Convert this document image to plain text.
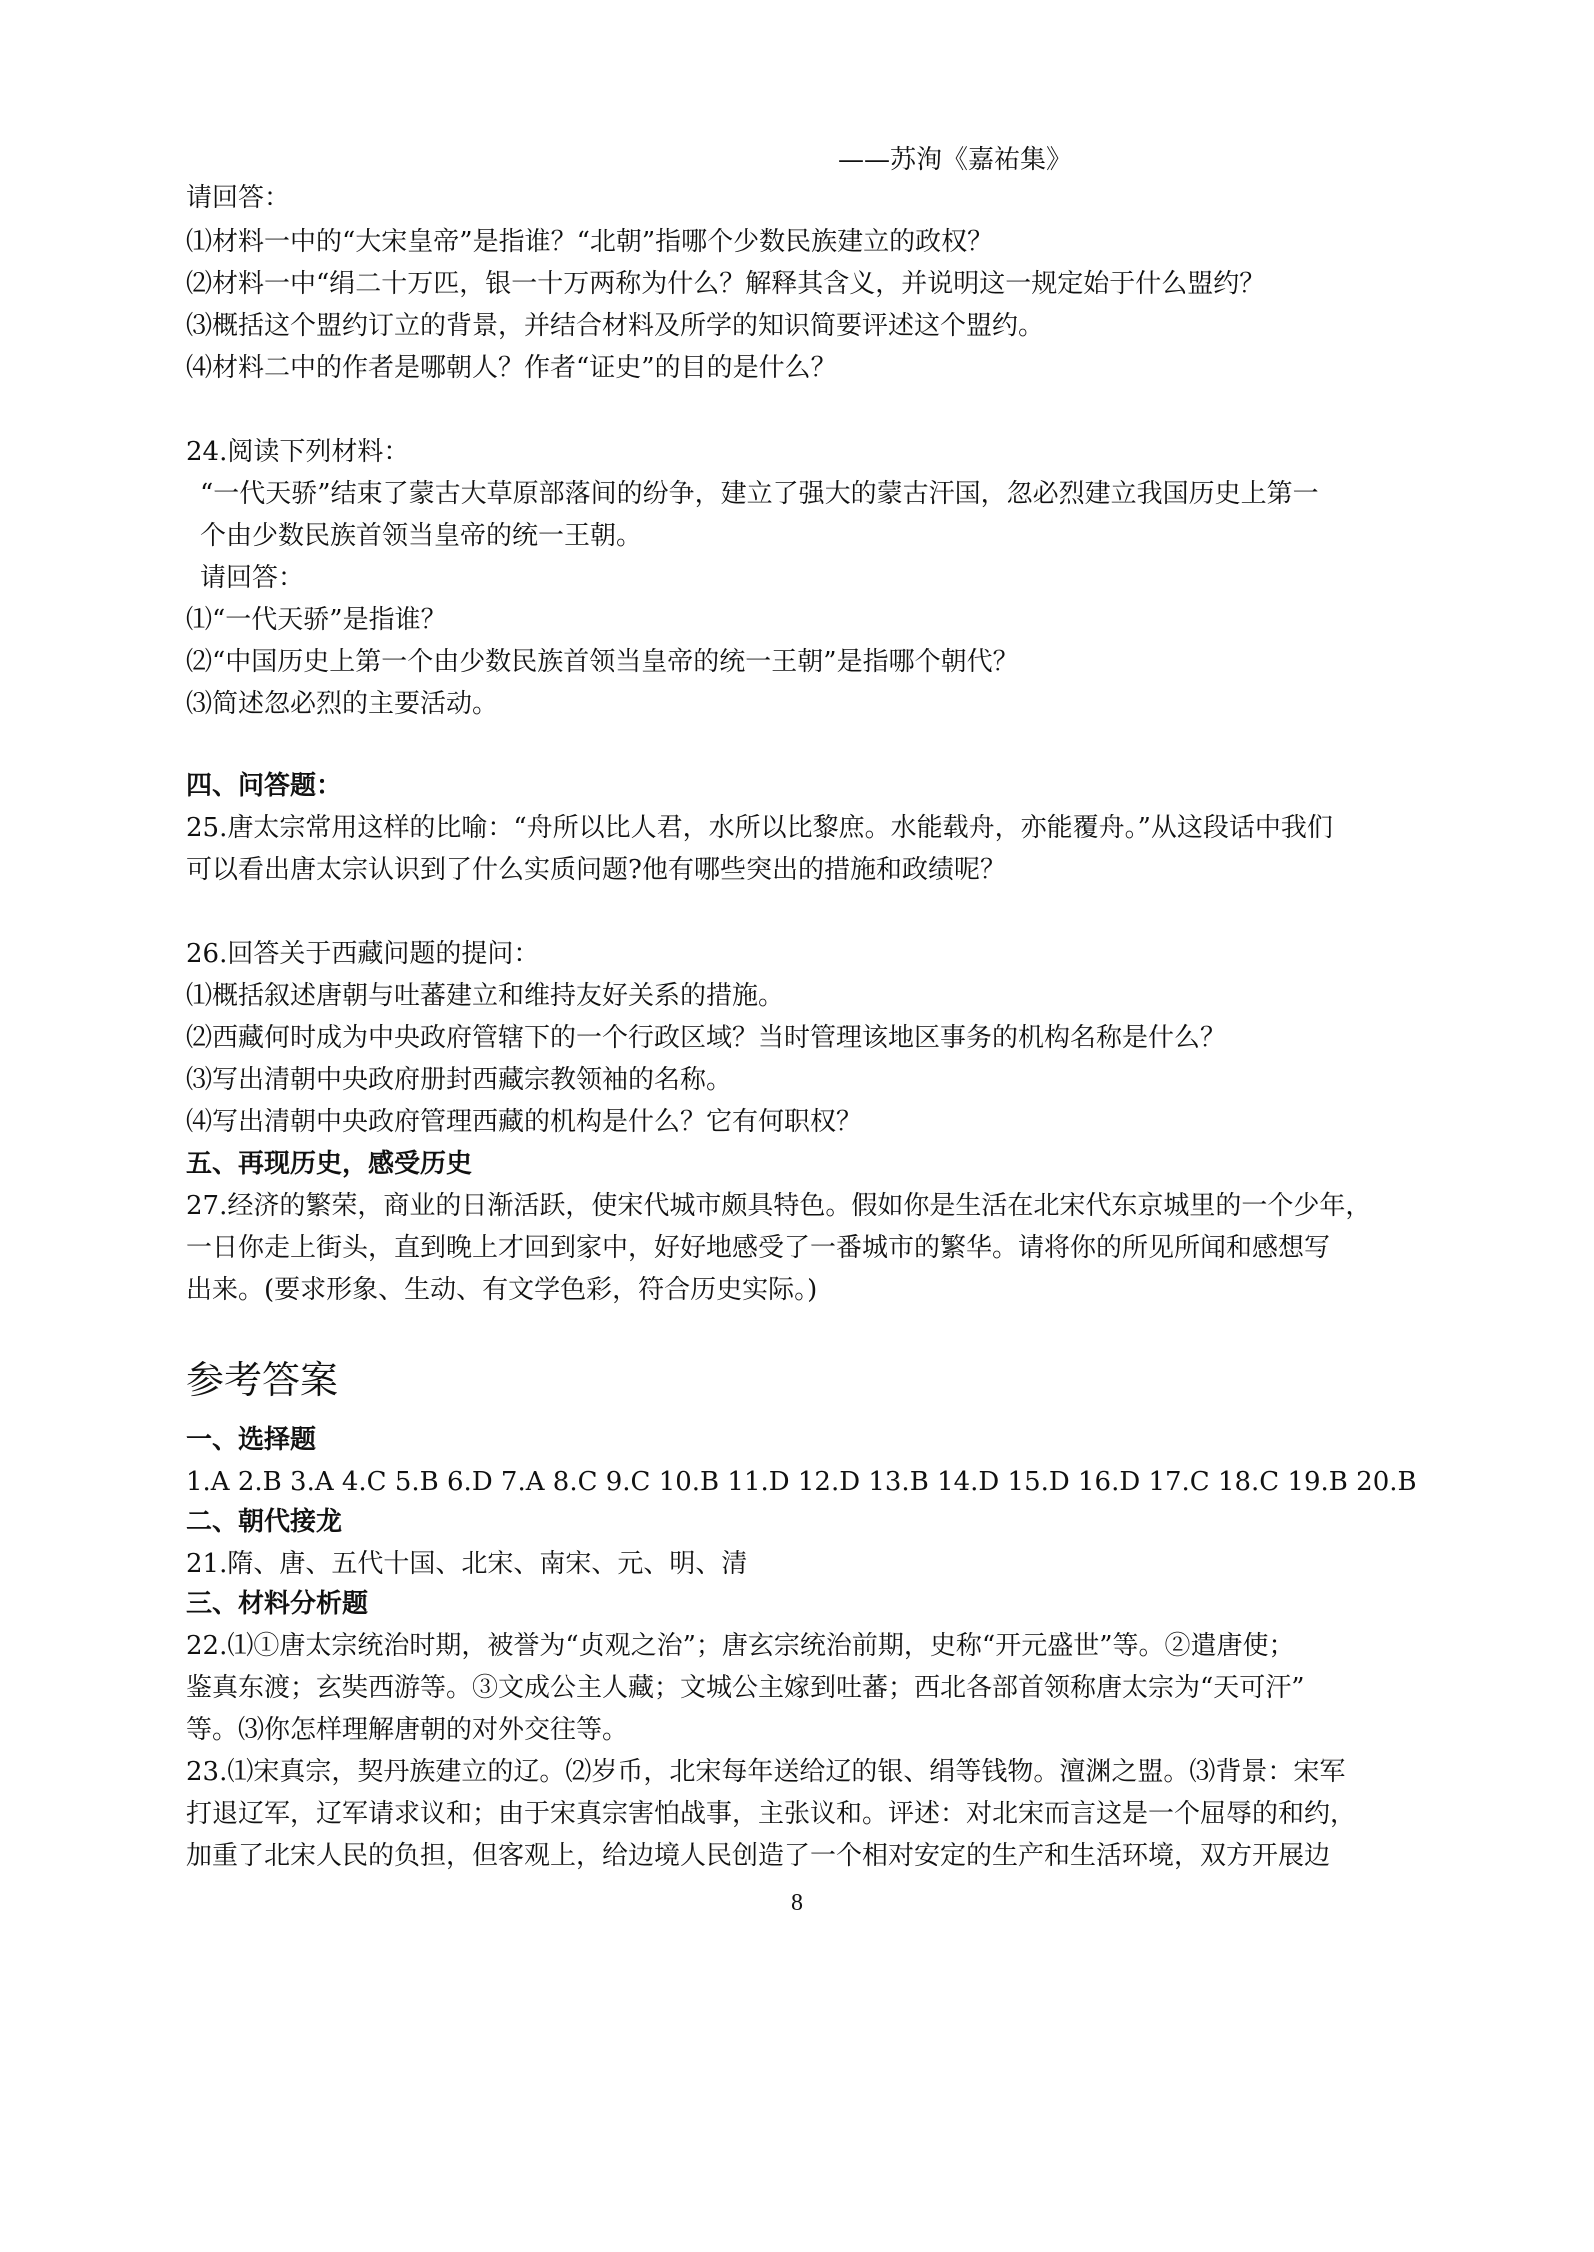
——苏洵《嘉祐集》
请回答：
⑴材料一中的“大宋皇帝”是指谁？“北朝”指哪个少数民族建立的政权？
⑵材料一中“绢二十万匹，银一十万两称为什么？解释其含义，并说明这一规定始于什么盟约？
⑶概括这个盟约订立的背景，并结合材料及所学的知识简要评述这个盟约。
⑷材料二中的作者是哪朝人？作者“证史”的目的是什么？
24.阅读下列材料：
“一代天骄”结束了蒙古大草原部落间的纷争，建立了强大的蒙古汗国，忽必烈建立我国历史上第一
个由少数民族首领当皇帝的统一王朝。
请回答：
⑴“一代天骄”是指谁？
⑵“中国历史上第一个由少数民族首领当皇帝的统一王朝”是指哪个朝代？
⑶简述忽必烈的主要活动。
四、问答题：
25.唐太宗常用这样的比喻：“舟所以比人君，水所以比黎庶。水能载舟，亦能覆舟。”从这段话中我们
可以看出唐太宗认识到了什么实质问题?他有哪些突出的措施和政绩呢？
26.回答关于西藏问题的提问：
⑴概括叙述唐朝与吐蕃建立和维持友好关系的措施。
⑵西藏何时成为中央政府管辖下的一个行政区域？当时管理该地区事务的机构名称是什么？
⑶写出清朝中央政府册封西藏宗教领袖的名称。
⑷写出清朝中央政府管理西藏的机构是什么？它有何职权？
五、再现历史，感受历史
27.经济的繁荣，商业的日渐活跃，使宋代城市颇具特色。假如你是生活在北宋代东京城里的一个少年，
一日你走上街头，直到晚上才回到家中，好好地感受了一番城市的繁华。请将你的所见所闻和感想写
出来。(要求形象、生动、有文学色彩，符合历史实际。)
参考答案
一、选择题
1.A 2.B 3.A 4.C 5.B 6.D 7.A 8.C 9.C 10.B 11.D 12.D 13.B 14.D 15.D 16.D 17.C 18.C 19.B 20.B
二、朝代接龙
21.隋、唐、五代十国、北宋、南宋、元、明、清
三、材料分析题
22.⑴①唐太宗统治时期，被誉为“贞观之治”；唐玄宗统治前期，史称“开元盛世”等。②遣唐使；
鉴真东渡；玄奘西游等。③文成公主人藏；文城公主嫁到吐蕃；西北各部首领称唐太宗为“天可汗”
等。⑶你怎样理解唐朝的对外交往等。
23.⑴宋真宗，契丹族建立的辽。⑵岁币，北宋每年送给辽的银、绢等钱物。澶渊之盟。⑶背景：宋军
打退辽军，辽军请求议和；由于宋真宗害怕战事，主张议和。评述：对北宋而言这是一个屈辱的和约，
加重了北宋人民的负担，但客观上，给边境人民创造了一个相对安定的生产和生活环境，双方开展边
8
